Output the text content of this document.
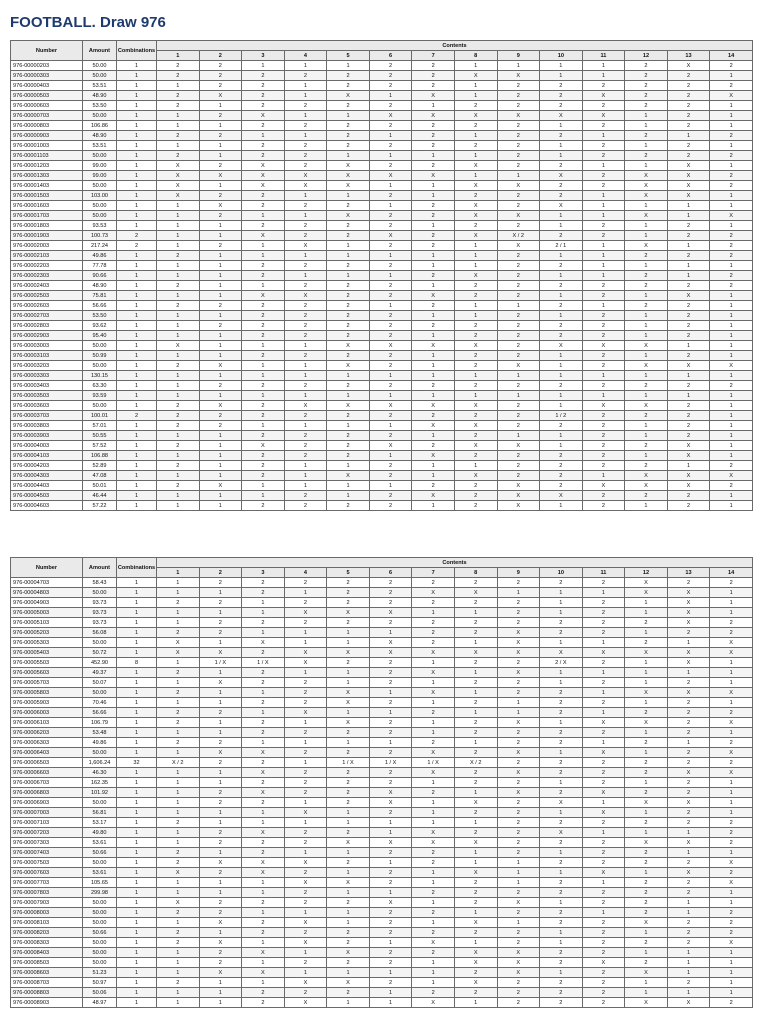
FOOTBALL. Draw 976
Number	Amount	Combinations	Contents													
			1	2	3	4	5	6	7	8	9	10	11	12	13	14
976-00000203	50.00	1	2	2	1	1	1	2	2	1	1	1	1	2	X	2
976-00000303	50.00	1	2	2	2	2	2	2	2	X	X	1	1	2	2	1
976-00000403	53.51	1	1	2	2	1	2	2	2	1	2	2	2	2	2	2
976-00000503	48.90	1	2	X	2	1	X	1	X	1	2	2	X	2	2	X
976-00000603	53.50	1	2	1	2	2	2	2	1	2	2	2	2	2	2	1
976-00000703	50.00	1	1	2	X	1	1	X	X	X	X	X	X	1	2	1
976-00000803	106.86	1	1	1	2	2	2	2	2	2	2	1	2	1	2	1
976-00000903	48.90	1	2	2	1	1	2	1	2	1	2	2	1	2	1	2
976-00001003	53.51	1	1	1	2	2	2	2	2	2	2	1	2	1	2	1
976-00001103	50.00	1	2	1	2	2	1	1	1	1	2	1	2	2	2	2
976-00001203	99.00	1	X	2	X	2	X	2	2	X	2	2	1	1	X	1
976-00001303	99.00	1	X	X	X	X	X	X	X	1	1	X	2	X	X	2
976-00001403	50.00	1	X	1	X	X	X	1	1	X	X	2	2	X	X	2
976-00001503	103.00	1	X	2	2	1	1	2	1	2	2	2	1	X	X	1
976-00001603	50.00	1	1	X	2	2	2	1	2	X	2	X	1	1	1	1
976-00001703	50.00	1	1	2	1	1	X	2	2	X	X	1	1	X	1	X
976-00001803	93.53	1	1	1	2	2	2	2	1	2	2	1	2	1	2	1
976-00001903	100.73	2	1	1	X	2	2	X	2	X	X / 2	2	2	1	2	2
976-00002003	217.24	2	1	2	1	X	1	2	2	1	X	2 / 1	1	X	1	2
976-00002103	49.86	1	2	1	1	1	1	1	1	1	2	1	1	2	2	2
976-00002203	77.78	1	1	1	2	2	2	2	1	1	2	2	1	1	1	1
976-00002303	90.66	1	1	1	2	1	1	1	2	X	2	1	1	2	1	2
976-00002403	48.90	1	2	1	1	2	2	2	1	2	2	2	2	2	2	2
976-00002503	75.81	1	1	1	X	X	2	2	X	2	2	1	2	1	X	1
976-00002603	56.66	1	2	2	2	2	2	1	2	1	1	2	1	2	2	1
976-00002703	53.50	1	1	1	2	2	2	2	1	1	2	1	2	1	2	1
976-00002803	93.62	1	1	2	2	2	2	2	2	2	2	2	2	1	2	1
976-00002903	95.40	1	1	1	2	2	2	2	1	2	2	2	2	1	2	1
976-00003003	50.00	1	X	1	1	1	X	X	X	X	2	X	X	X	1	1
976-00003103	50.99	1	1	1	2	2	2	2	1	2	2	1	2	1	2	1
976-00003203	50.00	1	2	X	1	1	X	2	1	2	X	1	2	X	X	X
976-00003303	130.15	1	1	1	1	1	1	1	1	1	1	1	1	1	1	1
976-00003403	63.30	1	1	2	2	2	2	2	2	2	2	2	2	2	2	2
976-00003503	93.59	1	1	1	1	1	1	1	1	1	1	1	1	1	1	1
976-00003603	50.00	1	2	X	2	X	X	X	X	X	2	1	X	X	2	1
976-00003703	100.01	2	2	2	2	2	2	2	2	2	2	1 / 2	2	2	2	1
976-00003803	57.01	1	2	2	1	1	1	1	X	X	2	2	2	1	2	1
976-00003903	50.55	1	1	1	2	2	2	2	1	2	1	1	2	1	2	1
976-00004003	57.52	1	2	1	X	2	2	X	2	X	X	1	2	2	X	1
976-00004103	106.88	1	1	1	2	2	2	1	X	2	2	2	2	1	X	1
976-00004203	52.89	1	2	1	2	1	1	2	1	1	2	2	2	2	1	2
976-00004303	47.08	1	1	1	2	1	X	2	1	X	2	2	1	X	X	X
976-00004403	50.01	1	2	X	1	1	1	1	2	2	X	2	X	X	X	2
976-00004503	46.44	1	1	1	1	2	1	2	X	2	X	X	2	2	2	1
976-00004603	57.22	1	1	1	2	2	2	2	1	2	X	1	2	1	2	1
Number	Amount	Combinations	Contents													
			1	2	3	4	5	6	7	8	9	10	11	12	13	14
976-00004703	58.43	1	1	2	2	2	2	2	2	2	2	2	2	X	2	2
976-00004803	50.00	1	1	1	2	1	2	2	X	X	1	1	1	X	X	1
976-00004903	93.73	1	2	2	1	2	2	2	2	2	2	1	2	1	X	1
976-00005003	93.73	1	1	1	1	X	X	X	1	1	2	1	2	1	X	1
976-00005103	93.73	1	1	2	2	2	2	2	2	2	2	2	2	2	X	2
976-00005203	56.08	1	2	2	1	1	1	1	2	2	X	2	2	1	2	2
976-00005303	50.00	1	X	1	X	1	1	X	2	1	X	1	1	2	1	X
976-00005403	50.72	1	X	X	2	X	X	X	X	X	X	X	X	X	X	X
976-00005503	452.90	8	1	1 / X	1 / X	X	2	2	1	2	2	2 / X	2	1	X	1
976-00005603	49.37	1	2	1	2	1	1	2	X	1	X	1	1	1	1	1
976-00005703	50.07	1	1	X	2	2	1	2	1	2	2	1	2	1	2	1
976-00005803	50.00	1	2	1	1	2	X	1	X	1	2	2	1	X	X	X
976-00005903	70.46	1	1	1	2	2	X	2	1	2	1	2	2	1	2	1
976-00006003	56.66	1	2	2	1	X	1	1	2	1	1	2	1	2	2	2
976-00006103	106.79	1	2	1	2	1	X	2	1	2	X	1	X	X	2	X
976-00006203	53.48	1	1	1	2	2	2	2	1	2	2	2	2	1	2	1
976-00006303	49.86	1	2	2	1	1	1	1	2	1	2	2	1	2	1	2
976-00006403	50.00	1	1	X	X	2	2	2	X	2	X	1	X	1	2	X
976-00006503	1,606.24	32	X / 2	2	2	1	1 / X	1 / X	1 / X	X / 2	2	2	2	2	2	2
976-00006603	46.30	1	1	1	X	2	2	2	X	2	X	2	2	2	X	X
976-00006703	162.35	1	1	1	2	2	2	2	1	2	2	1	2	1	2	1
976-00006803	101.92	1	1	2	X	2	2	X	2	1	X	2	X	2	2	1
976-00006903	50.00	1	1	2	2	1	2	X	1	X	2	X	1	X	X	1
976-00007003	56.81	1	1	1	1	X	1	2	1	2	2	1	X	1	2	1
976-00007103	53.17	1	2	1	1	1	1	1	1	1	2	2	2	2	2	2
976-00007203	49.80	1	1	2	X	2	2	1	X	2	2	X	1	1	1	2
976-00007303	53.61	1	1	2	2	2	X	X	X	X	2	2	2	X	X	2
976-00007403	50.66	1	2	1	2	1	1	2	2	1	2	1	2	2	1	1
976-00007503	50.00	1	2	X	X	X	2	1	2	1	1	2	2	2	2	X
976-00007603	53.61	1	X	2	X	2	1	2	1	X	1	1	X	1	X	2
976-00007703	105.65	1	1	1	1	X	X	2	1	2	1	2	1	2	2	X
976-00007803	299.98	1	1	1	1	2	1	1	2	2	2	2	2	2	2	1
976-00007903	50.00	1	X	2	2	2	2	X	1	2	X	1	2	2	1	1
976-00008003	50.00	1	2	2	1	1	1	2	2	1	2	2	1	2	1	2
976-00008103	50.00	1	1	X	2	X	1	2	1	X	1	2	2	X	2	2
976-00008203	50.66	1	2	1	2	2	2	2	2	2	2	1	2	1	2	2
976-00008303	50.00	1	2	X	1	X	2	1	X	1	2	1	2	2	2	X
976-00008403	50.00	1	1	2	X	1	X	2	2	X	X	2	2	1	1	1
976-00008503	50.00	1	1	2	1	2	2	2	1	X	X	2	X	2	1	1
976-00008603	51.23	1	1	X	X	1	1	1	1	2	X	1	2	X	1	1
976-00008703	50.97	1	2	1	1	X	X	2	1	X	2	2	2	1	2	1
976-00008803	50.06	1	1	1	2	2	2	1	2	2	2	2	2	1	1	1
976-00008903	48.97	1	1	1	2	X	1	1	X	1	2	2	2	X	X	2
